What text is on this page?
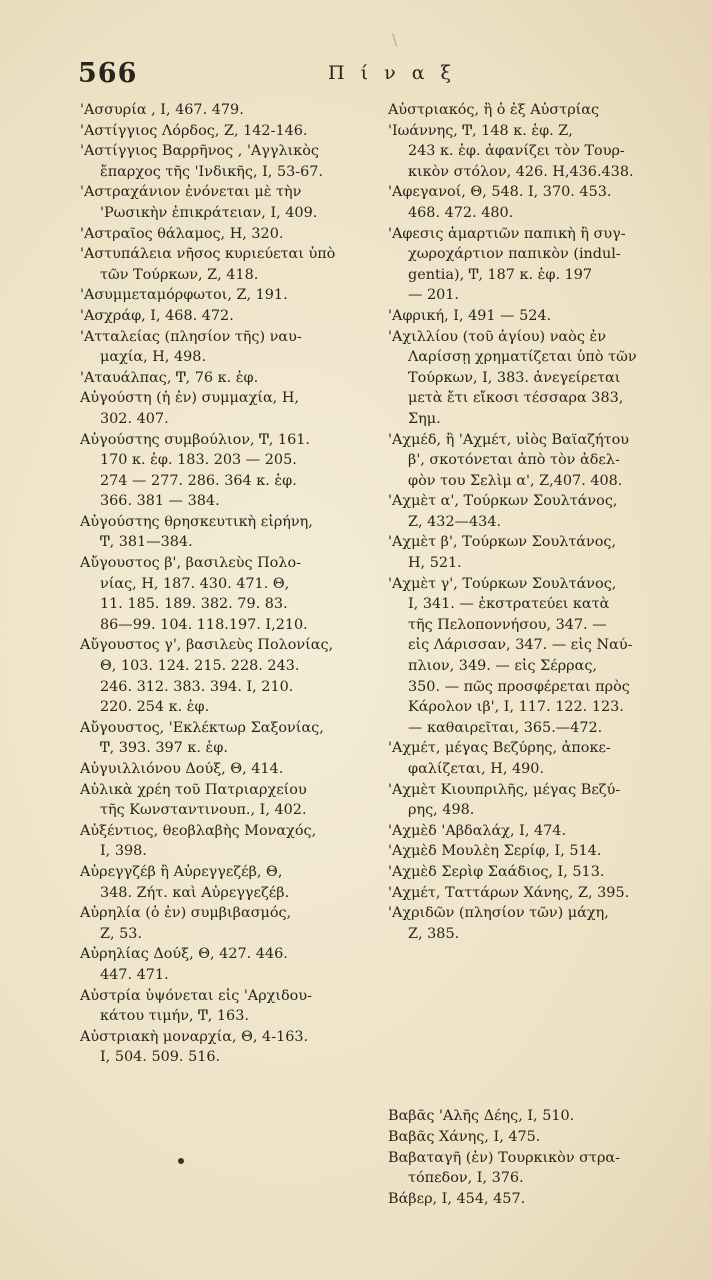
566	Π ί ν α ξ
\
'Ασσυρία , I, 467. 479.
'Αστίγγιος Λόρδος, Ζ, 142-146.
'Αστίγγιος Βαρρῆνος , 'Αγγλικὸς
ἔπαρχος τῆς 'Ινδικῆς, I, 53-67.
'Αστραχάνιον ἐνόνεται μὲ τὴν
'Ρωσικὴν ἐπικράτειαν, I, 409.
'Αστραῖος θάλαμος, Η, 320.
'Αστυπάλεια νῆσος κυριεύεται ὑπὸ
τῶν Τούρκων, Ζ, 418.
'Ασυμμεταμόρφωτοι, Ζ, 191.
'Ασχράφ, I, 468. 472.
'Ατταλείας (πλησίον τῆς) ναυ-
μαχία, Η, 498.
'Αταυάλπας, Ͳ, 76 κ. ἑφ.
Αὐγούστη (ἡ ἐν) συμμαχία, Η,
302. 407.
Αὐγούστης συμβούλιον, Ͳ, 161.
170 κ. ἑφ. 183. 203 — 205.
274 — 277. 286. 364 κ. ἑφ.
366. 381 — 384.
Αὐγούστης θρησκευτικὴ εἰρήνη,
Ͳ, 381—384.
Αὔγουστος β', βασιλεὺς Πολο-
νίας, Η, 187. 430. 471. Θ,
11. 185. 189. 382. 79. 83.
86—99. 104. 118.197. I,210.
Αὔγουστος γ', βασιλεὺς Πολονίας,
Θ, 103. 124. 215. 228. 243.
246. 312. 383. 394. I, 210.
220. 254 κ. ἑφ.
Αὔγουστος, 'Εκλέκτωρ Σαξονίας,
Ͳ, 393. 397 κ. ἑφ.
Αὐγυιλλιόνου Δούξ, Θ, 414.
Αὐλικὰ χρέη τοῦ Πατριαρχείου
τῆς Κωνσταντινουπ., I, 402.
Αὐξέντιος, θεοβλαβὴς Μοναχός,
I, 398.
Αὐρεγγζέβ ἢ Αὐρεγγεζέβ, Θ,
348. Ζήτ. καὶ Αὐρεγγεζέβ.
Αὐρηλία (ὁ ἐν) συμβιβασμός,
Ζ, 53.
Αὐρηλίας Δούξ, Θ, 427. 446.
447. 471.
Αὐστρία ὑψόνεται εἰς 'Αρχιδου-
κάτου τιμήν, Ͳ, 163.
Αὐστριακὴ μοναρχία, Θ, 4-163.
I, 504. 509. 516.
Αὐστριακός, ἢ ὁ ἐξ Αὐστρίας
'Ιωάννης, Ͳ, 148 κ. ἑφ. Ζ,
243 κ. ἑφ. ἀφανίζει τὸν Τουρ-
κικὸν στόλον, 426. Η,436.438.
'Αφεγανοί, Θ, 548. I, 370. 453.
468. 472. 480.
'Αφεσις ἁμαρτιῶν παπικὴ ἢ συγ-
χωροχάρτιον παπικὸν (indul-
gentia), Ͳ, 187 κ. ἑφ. 197
— 201.
'Αφρική, I, 491 — 524.
'Αχιλλίου (τοῦ ἁγίου) ναὸς ἐν
Λαρίσσῃ χρηματίζεται ὑπὸ τῶν
Τούρκων, I, 383. ἀνεγείρεται
μετὰ ἔτι εἴκοσι τέσσαρα 383,
Σημ.
'Αχμέδ, ἢ 'Αχμέτ, υἱὸς Βαϊαζήτου
β', σκοτόνεται ἀπὸ τὸν ἀδελ-
φὸν του Σελὶμ α', Ζ,407. 408.
'Αχμὲτ α', Τούρκων Σουλτάνος,
Ζ, 432—434.
'Αχμὲτ β', Τούρκων Σουλτάνος,
Η, 521.
'Αχμὲτ γ', Τούρκων Σουλτάνος,
I, 341. — ἐκστρατεύει κατὰ
τῆς Πελοποννήσου, 347. —
εἰς Λάρισσαν, 347. — εἰς Ναύ-
πλιον, 349. — εἰς Σέρρας,
350. — πῶς προσφέρεται πρὸς
Κάρολον ιβ', I, 117. 122. 123.
— καθαιρεῖται, 365.—472.
'Αχμέτ, μέγας Βεζύρης, ἀποκε-
φαλίζεται, Η, 490.
'Αχμὲτ Κιουπριλῆς, μέγας Βεζύ-
ρης, 498.
'Αχμὲδ 'Αβδαλάχ, I, 474.
'Αχμὲδ Μουλὲη Σερίφ, I, 514.
'Αχμὲδ Σερὶφ Σαάδιος, I, 513.
'Αχμέτ, Ταττάρων Χάνης, Ζ, 395.
'Αχριδῶν (πλησίον τῶν) μάχη,
Ζ, 385.
Βαβᾶς 'Αλῆς Δέης, I, 510.
Βαβᾶς Χάνης, I, 475.
Βαβαταγῆ (ἐν) Τουρκικὸν στρα-
τόπεδον, I, 376.
Βάβερ, I, 454, 457.
